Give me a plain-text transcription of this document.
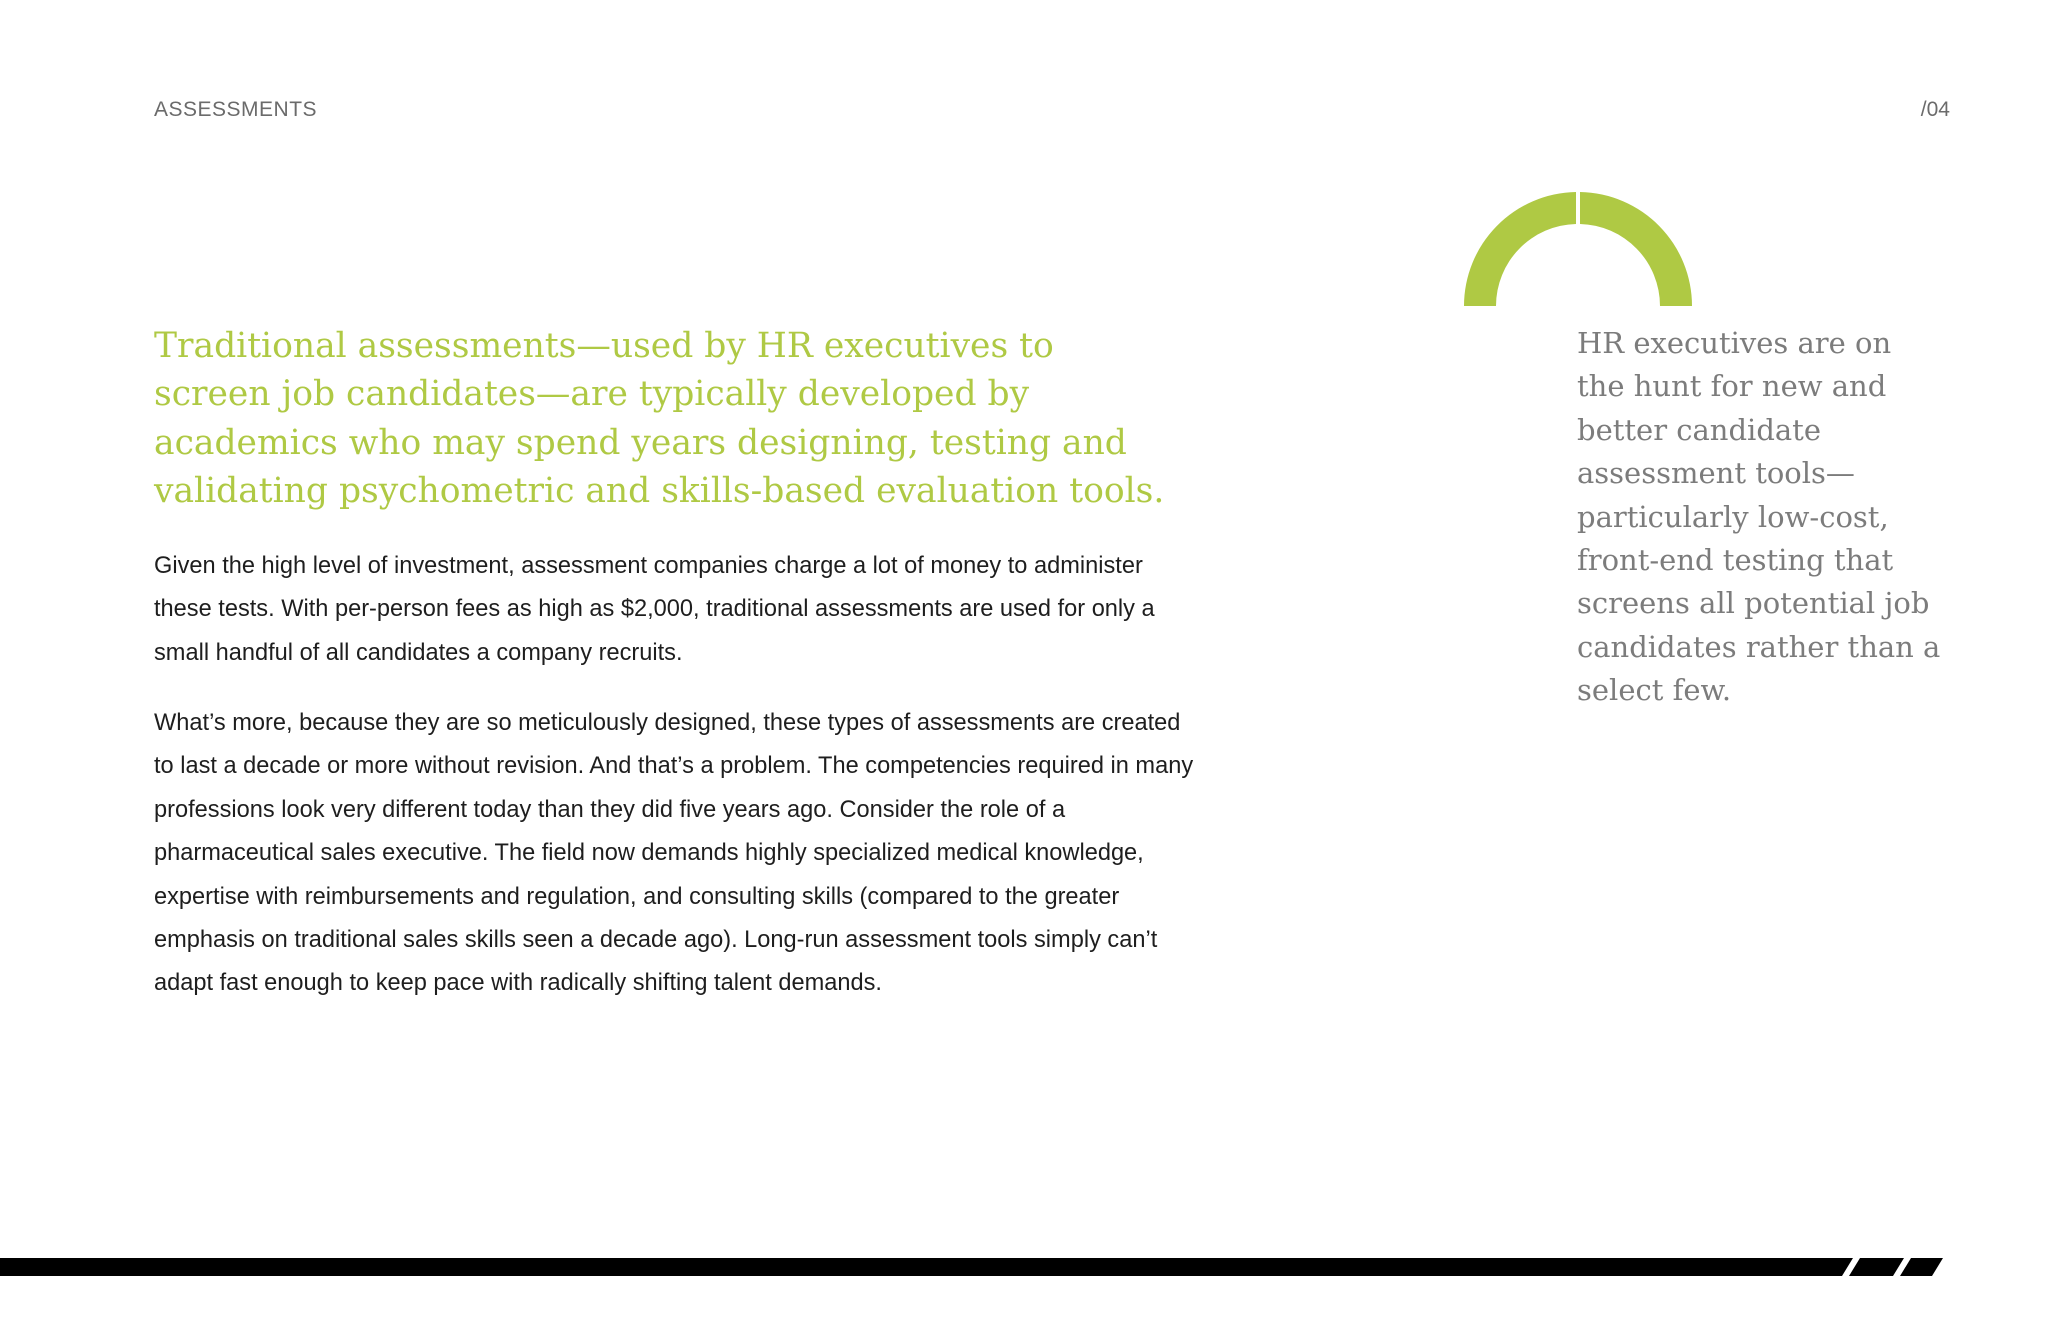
ASSESSMENTS	/04
Traditional assessments—used by HR executives to screen job candidates—are typically developed by academics who may spend years designing, testing and validating psychometric and skills-based evaluation tools.

Given the high level of investment, assessment companies charge a lot of money to administer these tests. With per-person fees as high as $2,000, traditional assessments are used for only a small handful of all candidates a company recruits.

What’s more, because they are so meticulously designed, these types of assessments are created to last a decade or more without revision. And that’s a problem. The competencies required in many professions look very different today than they did five years ago. Consider the role of a pharmaceutical sales executive. The field now demands highly specialized medical knowledge, expertise with reimbursements and regulation, and consulting skills (compared to the greater emphasis on traditional sales skills seen a decade ago). Long-run assessment tools simply can’t adapt fast enough to keep pace with radically shifting talent demands.

HR executives are on the hunt for new and better candidate assessment tools—particularly low-cost, front-end testing that screens all potential job candidates rather than a select few.
